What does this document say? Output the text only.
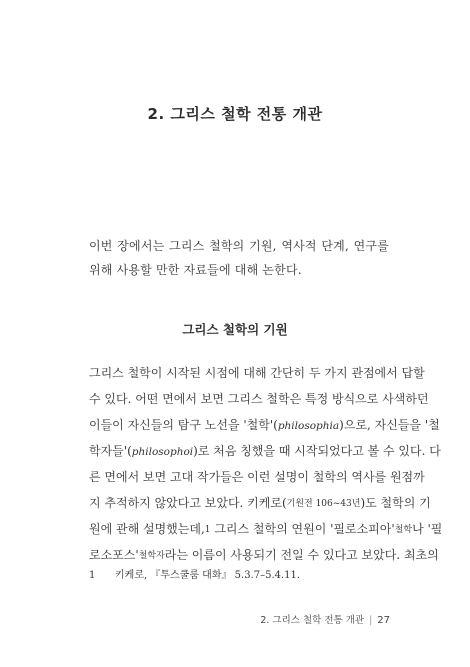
2. 그리스 철학 전통 개관
이번 장에서는 그리스 철학의 기원, 역사적 단계, 연구를 위해 사용할 만한 자료들에 대해 논한다.
그리스 철학의 기원
그리스 철학이 시작된 시점에 대해 간단히 두 가지 관점에서 답할
수 있다. 어떤 면에서 보면 그리스 철학은 특정 방식으로 사색하던
이들이 자신들의 탐구 노선을 '철학'(philosophia)으로, 자신들을 '철
학자들'(philosophoi)로 처음 칭했을 때 시작되었다고 볼 수 있다. 다
른 면에서 보면 고대 작가들은 이런 설명이 철학의 역사를 원점까
지 추적하지 않았다고 보았다. 키케로(기원전 106~43년)도 철학의 기
원에 관해 설명했는데,$^1$ 그리스 철학의 연원이 '필로소피아'철학나 '필
로소포스'철학자라는 이름이 사용되기 전일 수 있다고 보았다. 최초의
1 키케로, 『투스쿨룸 대화』 5.3.7–5.4.11.
2. 그리스 철학 전통 개관 | 27
